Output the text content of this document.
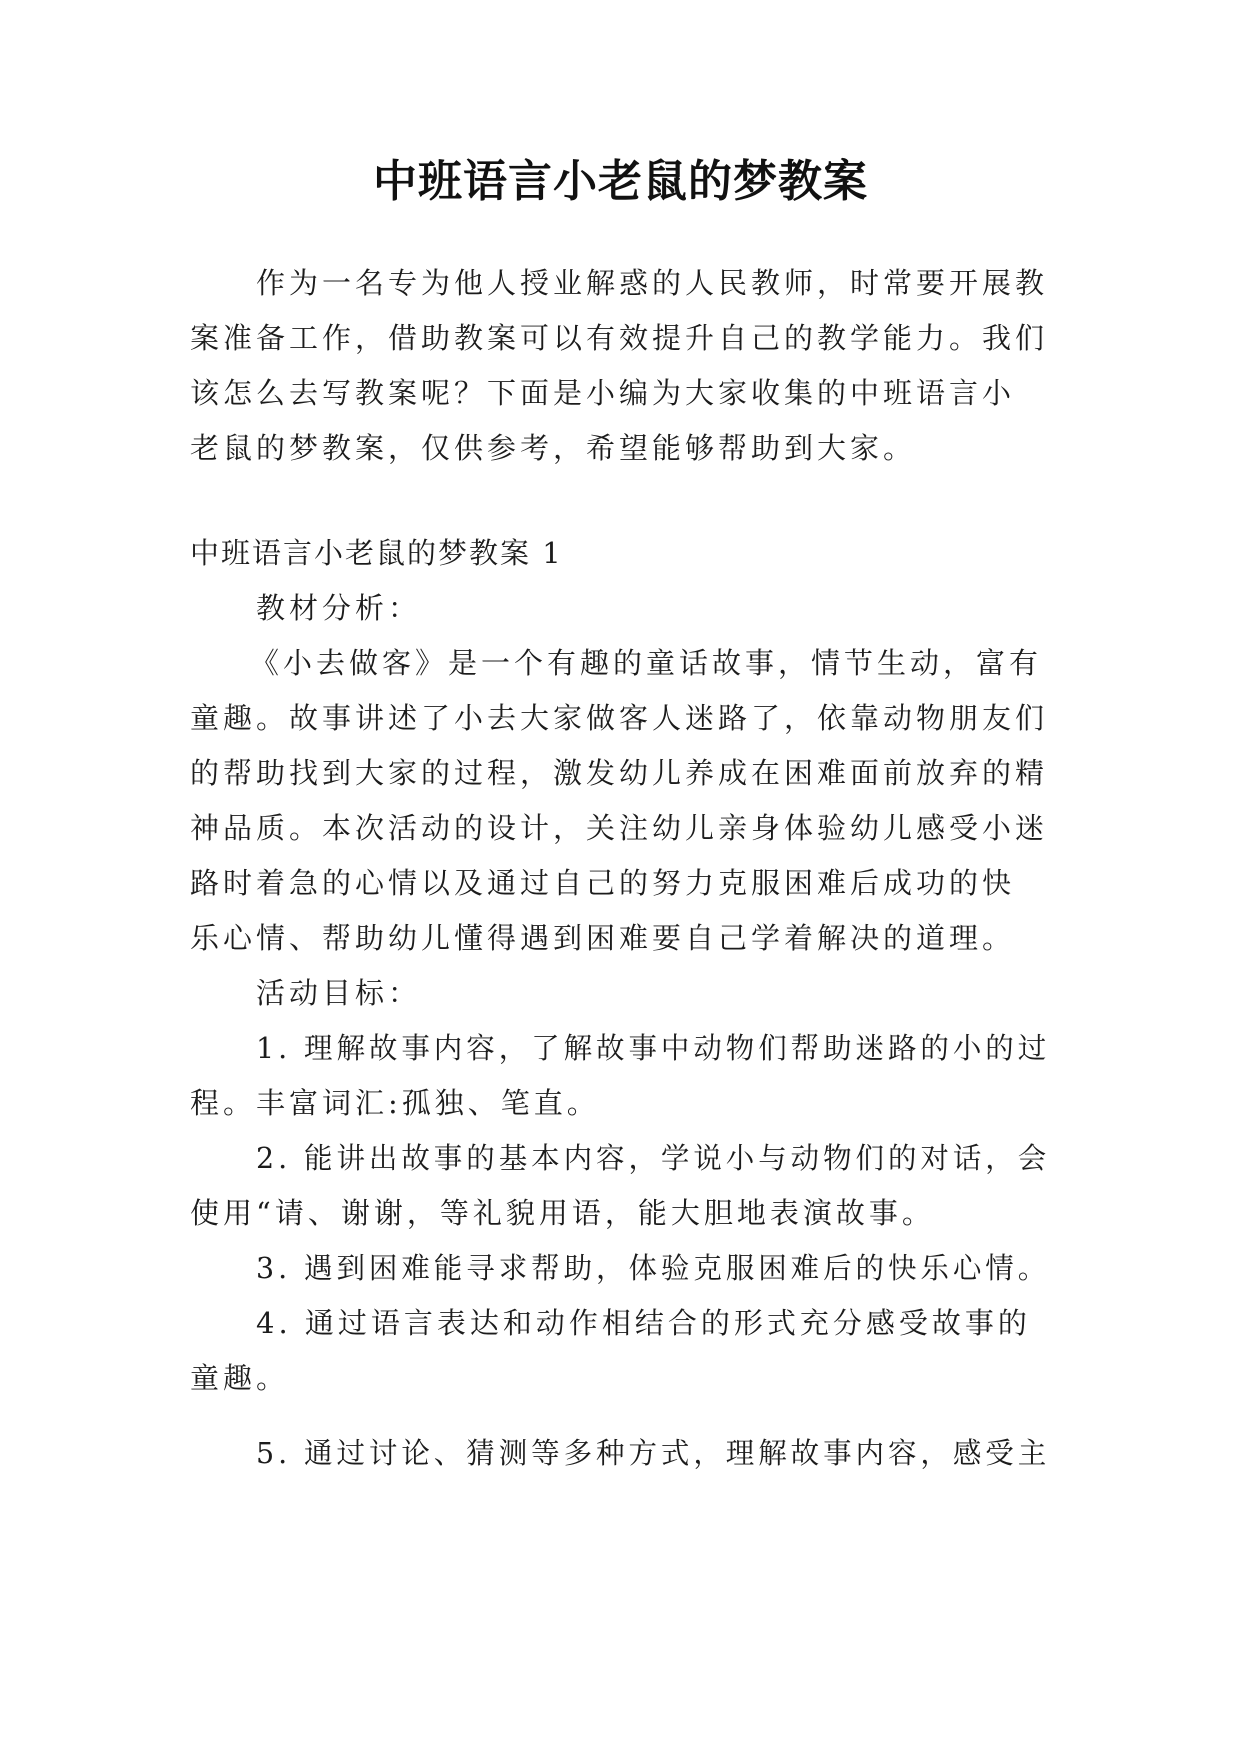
中班语言小老鼠的梦教案
作为一名专为他人授业解惑的人民教师，时常要开展教
案准备工作，借助教案可以有效提升自己的教学能力。我们
该怎么去写教案呢？下面是小编为大家收集的中班语言小
老鼠的梦教案，仅供参考，希望能够帮助到大家。
中班语言小老鼠的梦教案 1
教材分析：
《小去做客》是一个有趣的童话故事，情节生动，富有
童趣。故事讲述了小去大家做客人迷路了，依靠动物朋友们
的帮助找到大家的过程，激发幼儿养成在困难面前放弃的精
神品质。本次活动的设计，关注幼儿亲身体验幼儿感受小迷
路时着急的心情以及通过自己的努力克服困难后成功的快
乐心情、帮助幼儿懂得遇到困难要自己学着解决的道理。
活动目标：
1. 理解故事内容，了解故事中动物们帮助迷路的小的过
程。丰富词汇:孤独、笔直。
2. 能讲出故事的基本内容，学说小与动物们的对话，会
使用“请、谢谢，等礼貌用语，能大胆地表演故事。
3. 遇到困难能寻求帮助，体验克服困难后的快乐心情。
4. 通过语言表达和动作相结合的形式充分感受故事的
童趣。
5. 通过讨论、猜测等多种方式，理解故事内容，感受主
